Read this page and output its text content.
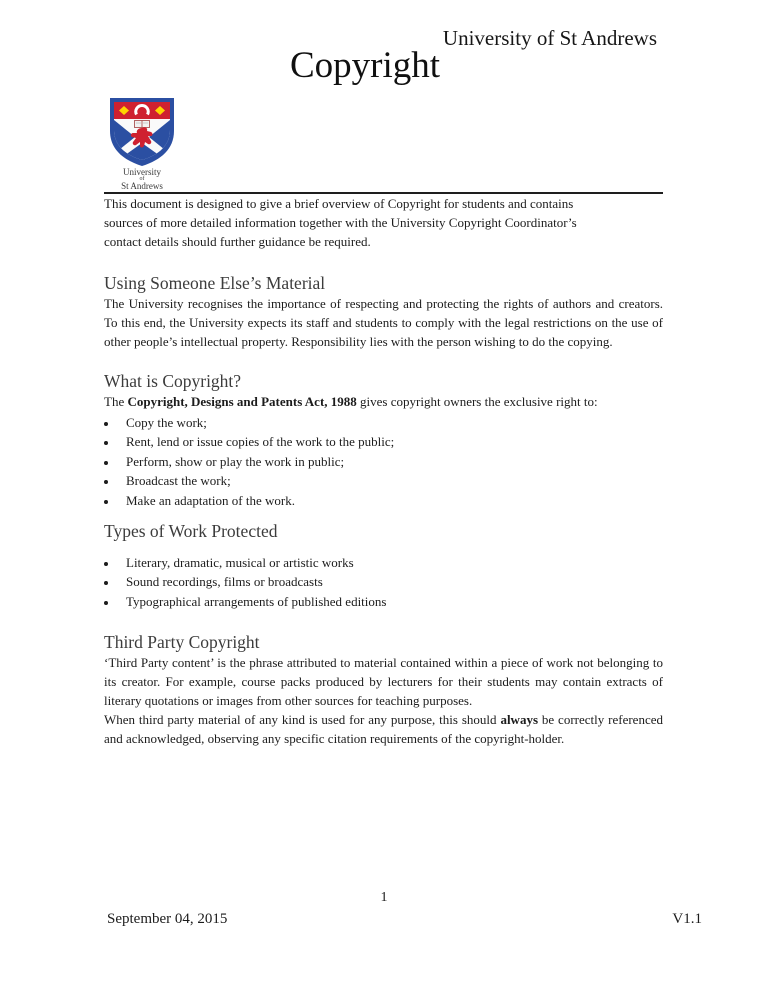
University
of
St Andrews
University of St Andrews
Copyright

This document is designed to give a brief overview of Copyright for students and contains sources of more detailed information together with the University Copyright Coordinator’s contact details should further guidance be required.

Using Someone Else’s Material

The University recognises the importance of respecting and protecting the rights of authors and creators. To this end, the University expects its staff and students to comply with the legal restrictions on the use of other people’s intellectual property. Responsibility lies with the person wishing to do the copying.

What is Copyright?

The Copyright, Designs and Patents Act, 1988 gives copyright owners the exclusive right to:

• Copy the work;
• Rent, lend or issue copies of the work to the public;
• Perform, show or play the work in public;
• Broadcast the work;
• Make an adaptation of the work.
Types of Work Protected
• Literary, dramatic, musical or artistic works
• Sound recordings, films or broadcasts
• Typographical arrangements of published editions
Third Party Copyright

‘Third Party content’ is the phrase attributed to material contained within a piece of work not belonging to its creator. For example, course packs produced by lecturers for their students may contain extracts of literary quotations or images from other sources for teaching purposes.

When third party material of any kind is used for any purpose, this should always be correctly referenced and acknowledged, observing any specific citation requirements of the copyright-holder.

1
September 04, 2015	V1.1
